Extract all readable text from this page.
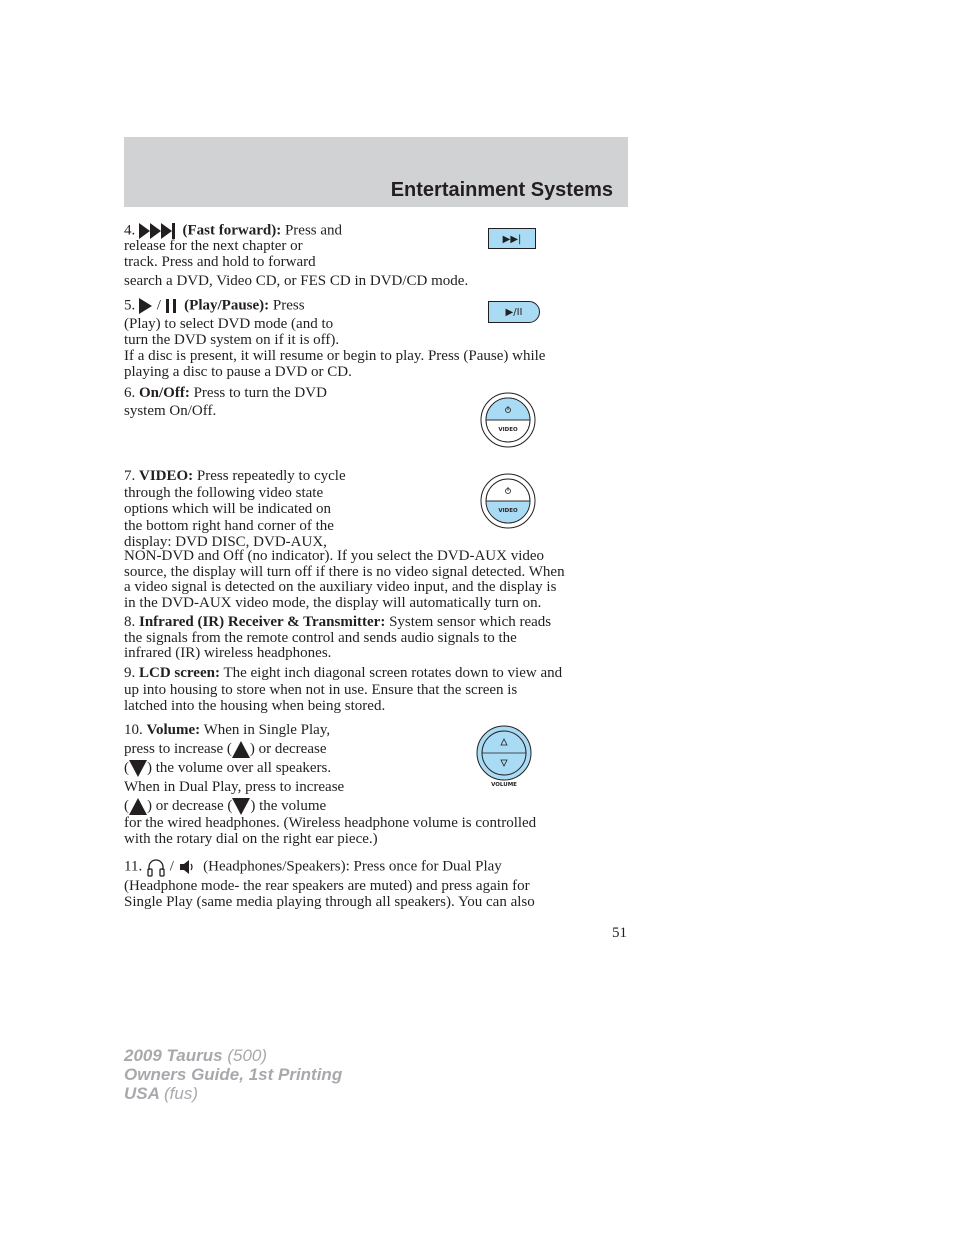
Entertainment Systems
4.	(Fast forward): Press and
release for the next chapter or
track. Press and hold to forward
search a DVD, Video CD, or FES CD in DVD/CD mode.
▶▶|
5. / (Play/Pause): Press
(Play) to select DVD mode (and to
turn the DVD system on if it is off).
If a disc is present, it will resume or begin to play. Press (Pause) while
playing a disc to pause a DVD or CD.
▶/II
6. On/Off: Press to turn the DVD
system On/Off.
VIDEO
7. VIDEO: Press repeatedly to cycle
through the following video state
options which will be indicated on
the bottom right hand corner of the
display: DVD DISC, DVD-AUX,
NON-DVD and Off (no indicator). If you select the DVD-AUX video
source, the display will turn off if there is no video signal detected. When
a video signal is detected on the auxiliary video input, and the display is
in the DVD-AUX video mode, the display will automatically turn on.
VIDEO
8. Infrared (IR) Receiver & Transmitter: System sensor which reads
the signals from the remote control and sends audio signals to the
infrared (IR) wireless headphones.
9. LCD screen: The eight inch diagonal screen rotates down to view and
up into housing to store when not in use. Ensure that the screen is
latched into the housing when being stored.
10. Volume: When in Single Play,
press to increase ( ) or decrease
( ) the volume over all speakers.
When in Dual Play, press to increase
( ) or decrease ( ) the volume
for the wired headphones. (Wireless headphone volume is controlled
with the rotary dial on the right ear piece.)
VOLUME
11. / (Headphones/Speakers): Press once for Dual Play
(Headphone mode- the rear speakers are muted) and press again for
Single Play (same media playing through all speakers). You can also
51
2009 Taurus (500)
Owners Guide, 1st Printing
USA (fus)
